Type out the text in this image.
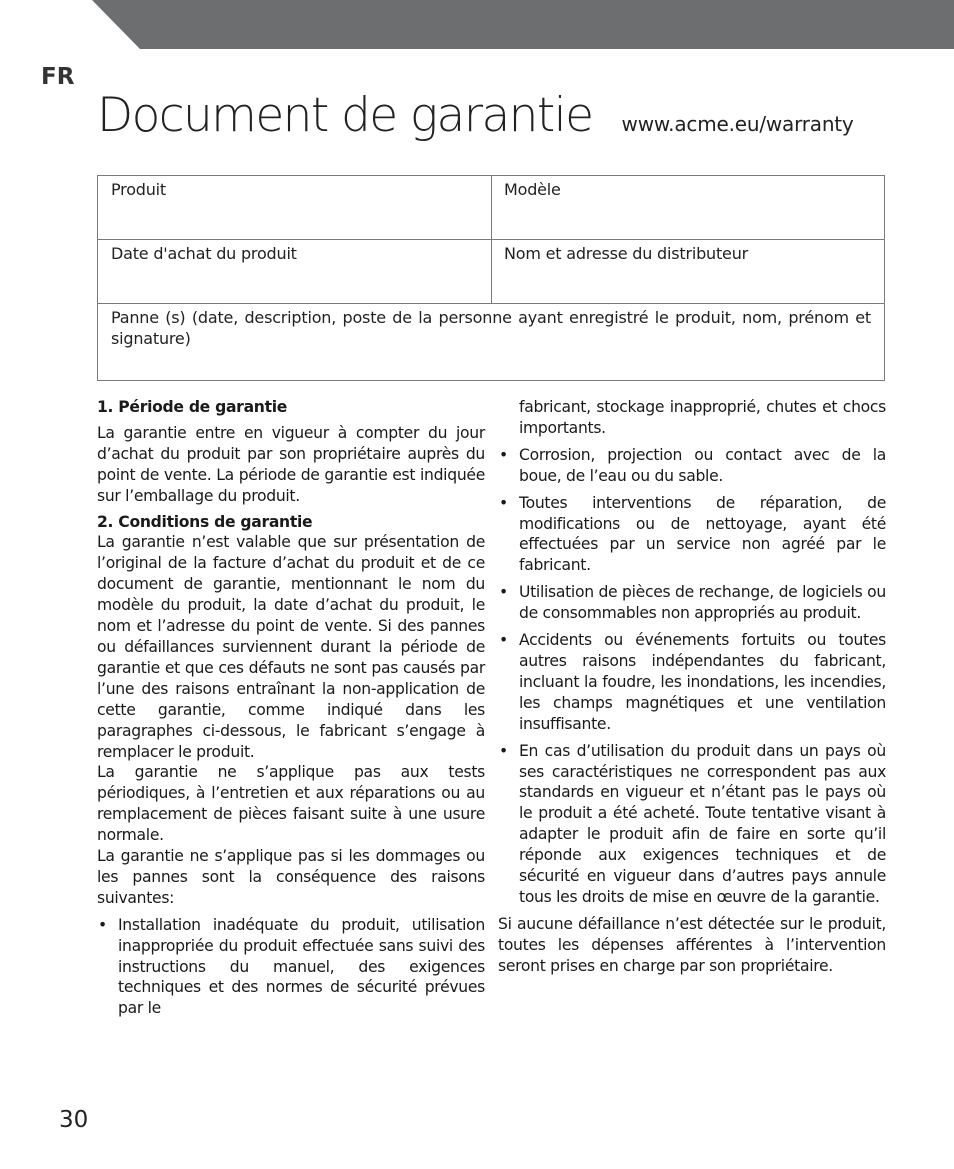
FR
Document de garantie www.acme.eu/warranty
Produit	Modèle
Date d'achat du produit	Nom et adresse du distributeur
Panne (s) (date, description, poste de la personne ayant enregistré le produit, nom, prénom et signature)

1. Période de garantie

La garantie entre en vigueur à compter du jour d’achat du produit par son propriétaire auprès du point de vente. La période de garantie est indiquée sur l’emballage du produit.

2. Conditions de garantie

La garantie n’est valable que sur présentation de l’original de la facture d’achat du produit et de ce document de garantie, mentionnant le nom du modèle du produit, la date d’achat du produit, le nom et l’adresse du point de vente. Si des pannes ou défaillances surviennent durant la période de garantie et que ces défauts ne sont pas causés par l’une des raisons entraînant la non-application de cette garantie, comme indiqué dans les paragraphes ci-dessous, le fabricant s’engage à remplacer le produit.

La garantie ne s’applique pas aux tests périodiques, à l’entretien et aux réparations ou au remplacement de pièces faisant suite à une usure normale.

La garantie ne s’applique pas si les dommages ou les pannes sont la conséquence des raisons suivantes:

• Installation inadéquate du produit, utilisation inappropriée du produit effectuée sans suivi des instructions du manuel, des exigences techniques et des normes de sécurité prévues par le

fabricant, stockage inapproprié, chutes et chocs importants.

• Corrosion, projection ou contact avec de la boue, de l’eau ou du sable.
• Toutes interventions de réparation, de modifications ou de nettoyage, ayant été effectuées par un service non agréé par le fabricant.
• Utilisation de pièces de rechange, de logiciels ou de consommables non appropriés au produit.
• Accidents ou événements fortuits ou toutes autres raisons indépendantes du fabricant, incluant la foudre, les inondations, les incendies, les champs magnétiques et une ventilation insuffisante.
• En cas d’utilisation du produit dans un pays où ses caractéristiques ne correspondent pas aux standards en vigueur et n’étant pas le pays où le produit a été acheté. Toute tentative visant à adapter le produit afin de faire en sorte qu’il réponde aux exigences techniques et de sécurité en vigueur dans d’autres pays annule tous les droits de mise en œuvre de la garantie.

Si aucune défaillance n’est détectée sur le produit, toutes les dépenses afférentes à l’intervention seront prises en charge par son propriétaire.

30
